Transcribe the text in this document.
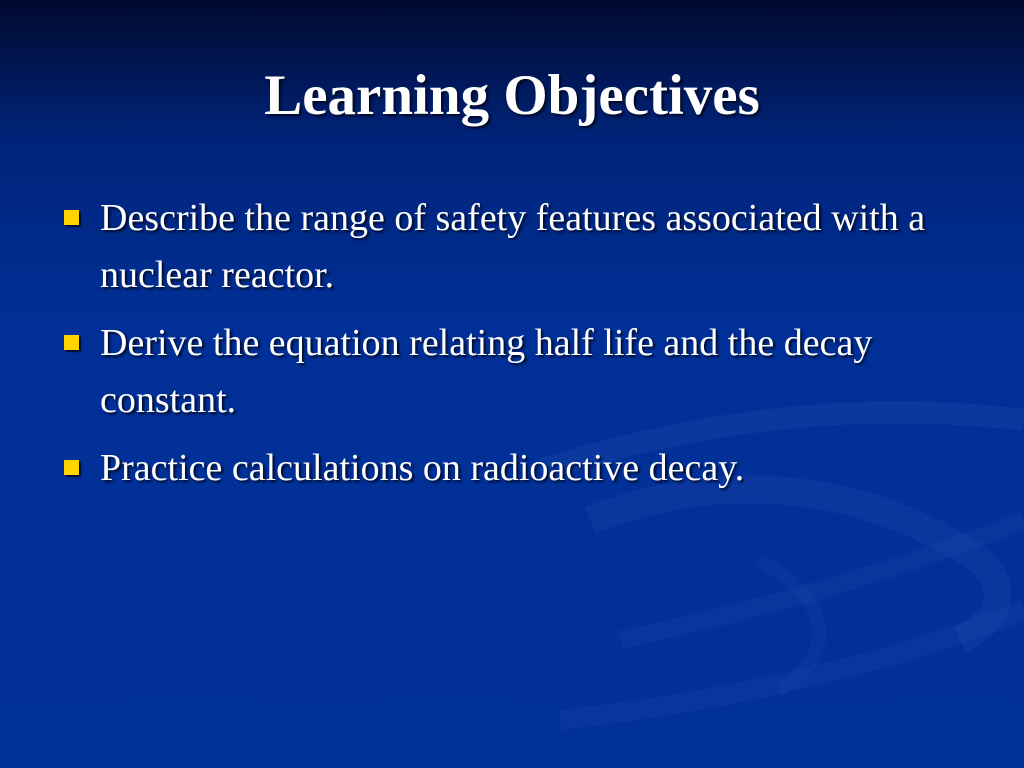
Learning Objectives
Describe the range of safety features associated with a nuclear reactor.
Derive the equation relating half life and the decay constant.
Practice calculations on radioactive decay.
